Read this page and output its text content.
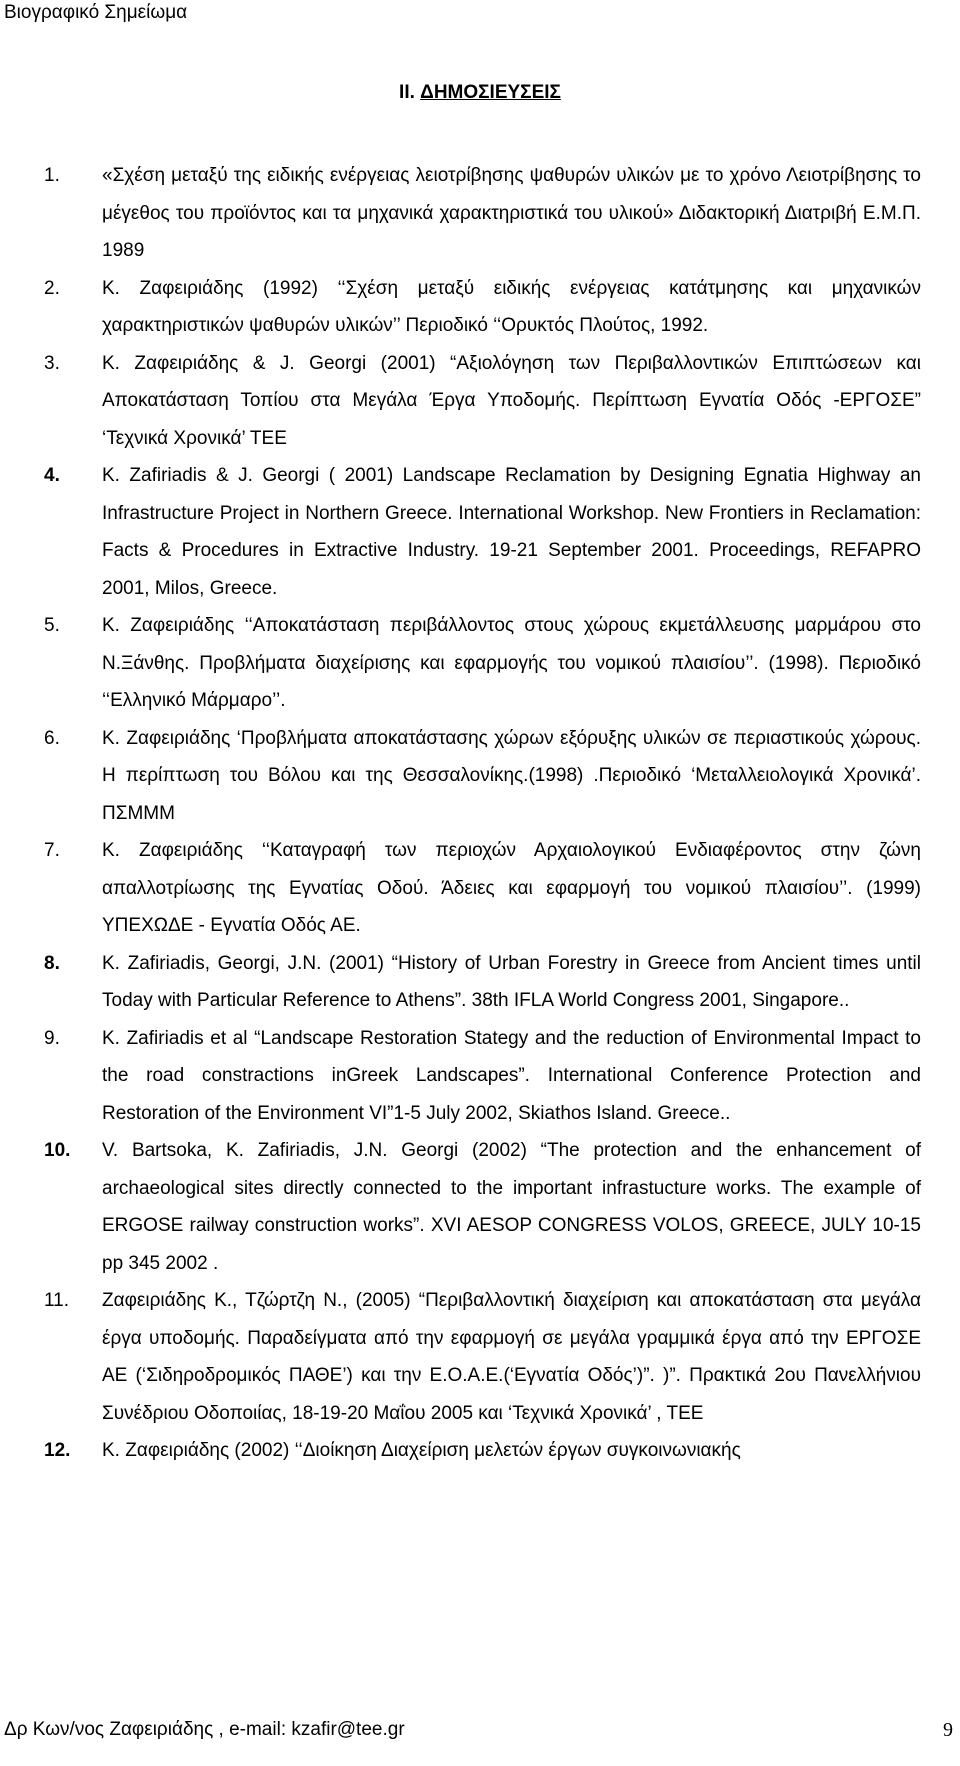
Βιογραφικό Σημείωμα
ΙΙ. ΔΗΜΟΣΙΕΥΣΕΙΣ
1. «Σχέση μεταξύ της ειδικής ενέργειας λειοτρίβησης ψαθυρών υλικών με το χρόνο Λειοτρίβησης το μέγεθος του προϊόντος και τα μηχανικά χαρακτηριστικά του υλικού» Διδακτορική Διατριβή Ε.Μ.Π. 1989
2. Κ. Ζαφειριάδης (1992) ‘‘Σχέση μεταξύ ειδικής ενέργειας κατάτμησης και μηχανικών χαρακτηριστικών ψαθυρών υλικών’’ Περιοδικό ‘‘Ορυκτός Πλούτος, 1992.
3. Κ. Ζαφειριάδης & J. Georgi (2001) “Αξιολόγηση των Περιβαλλοντικών Επιπτώσεων και Αποκατάσταση Τοπίου στα Μεγάλα Έργα Υποδομής. Περίπτωση Εγνατία Οδός -ΕΡΓΟΣΕ” ‘Τεχνικά Χρονικά’ ΤΕΕ
4. K. Zafiriadis & J. Georgi ( 2001) Landscape Reclamation by Designing Egnatia Highway an Infrastructure Project in Northern Greece. International Workshop. New Frontiers in Reclamation: Facts & Procedures in Extractive Industry. 19-21 September 2001. Proceedings, REFAPRO 2001, Milos, Greece.
5. Κ. Ζαφειριάδης ‘‘Αποκατάσταση περιβάλλοντος στους χώρους εκμετάλλευσης μαρμάρου στο Ν.Ξάνθης. Προβλήματα διαχείρισης και εφαρμογής του νομικού πλαισίου’’. (1998). Περιοδικό ‘‘Ελληνικό Μάρμαρο’’.
6. Κ. Ζαφειριάδης ‘Προβλήματα αποκατάστασης χώρων εξόρυξης υλικών σε περιαστικούς χώρους. Η περίπτωση του Βόλου και της Θεσσαλονίκης.(1998) .Περιοδικό ‘Μεταλλειολογικά Χρονικά’. ΠΣΜΜΜ
7. Κ. Ζαφειριάδης ‘‘Καταγραφή των περιοχών Αρχαιολογικού Ενδιαφέροντος στην ζώνη απαλλοτρίωσης της Εγνατίας Οδού. Άδειες και εφαρμογή του νομικού πλαισίου’’. (1999) ΥΠΕΧΩΔΕ - Εγνατία Οδός ΑΕ.
8. K. Zafiriadis, Georgi, J.N. (2001) “History of Urban Forestry in Greece from Ancient times until Today with Particular Reference to Athens”. 38th IFLA World Congress 2001, Singapore..
9. K. Zafiriadis et al “Landscape Restoration Stategy and the reduction of Environmental Impact to the road constractions inGreek Landscapes”. International Conference Protection and Restoration of the Environment VI”1-5 July 2002, Skiathos Island. Greece..
10. V. Bartsoka, K. Zafiriadis, J.N. Georgi (2002) “The protection and the enhancement of archaeological sites directly connected to the important infrastucture works. The example of ERGOSE railway construction works”. XVI AESOP CONGRESS VOLOS, GREECE, JULY 10-15 pp 345 2002 .
11. Ζαφειριάδης Κ., Τζώρτζη Ν., (2005) “Περιβαλλοντική διαχείριση και αποκατάσταση στα μεγάλα έργα υποδομής. Παραδείγματα από την εφαρμογή σε μεγάλα γραμμικά έργα από την ΕΡΓΟΣΕ ΑΕ (‘Σιδηροδρομικός ΠΑΘΕ’) και την Ε.Ο.Α.Ε.(‘Εγνατία Οδός’)”. )”. Πρακτικά 2ου Πανελλήνιου Συνέδριου Οδοποιίας, 18-19-20 Μαΐου 2005 και ‘Τεχνικά Χρονικά’ , ΤΕΕ
12. Κ. Ζαφειριάδης (2002) ‘‘Διοίκηση Διαχείριση μελετών έργων συγκοινωνιακής
Δρ Κων/νος Ζαφειριάδης , e-mail: kzafir@tee.gr	9
